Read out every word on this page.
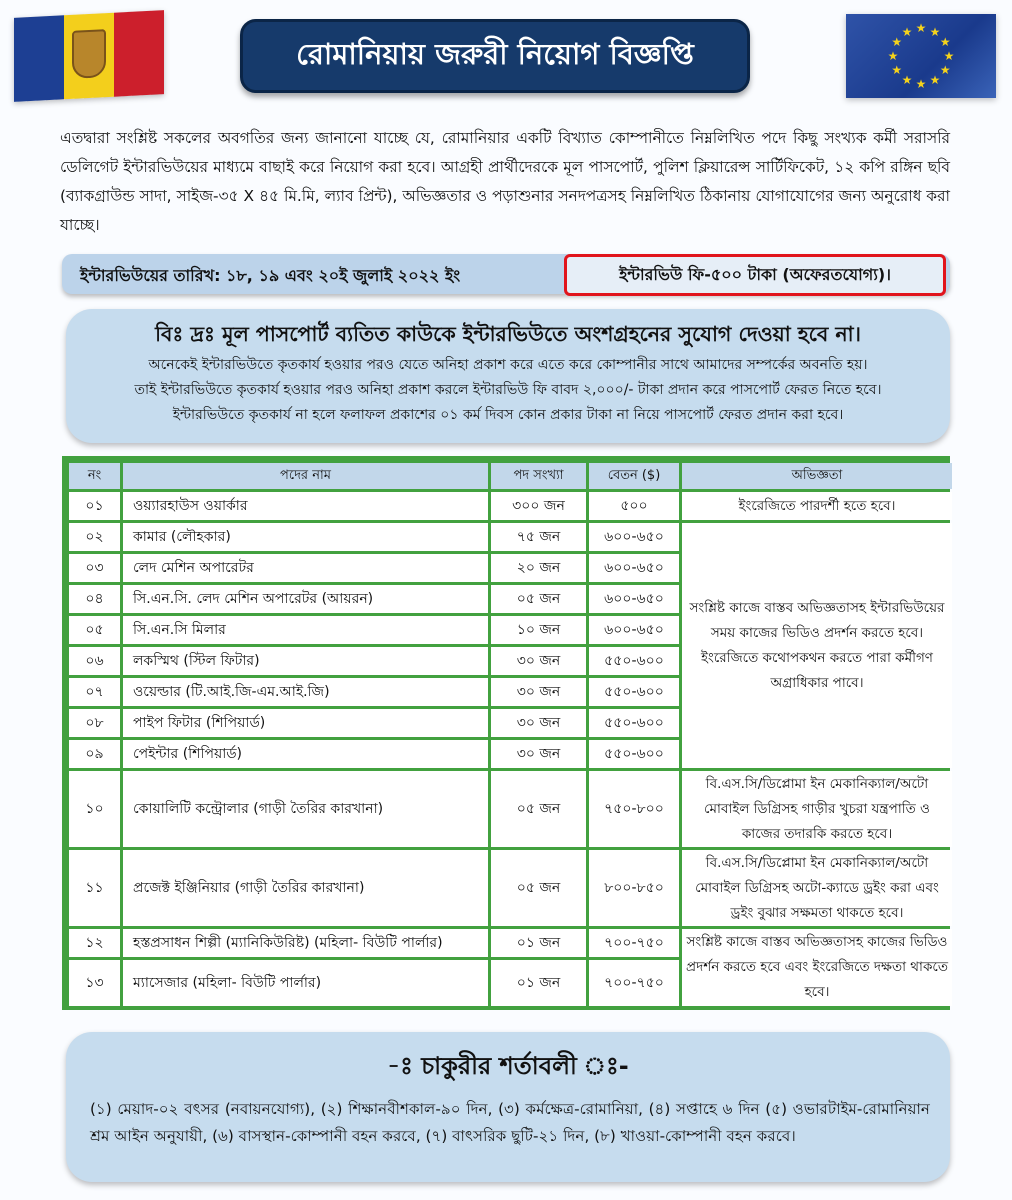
★
★
★
★
★
★
★
★
★ ★ ★
★
রোমানিয়ায় জরুরী নিয়োগ বিজ্ঞপ্তি
এতদ্বারা সংশ্লিষ্ট সকলের অবগতির জন্য জানানো যাচ্ছে যে, রোমানিয়ার একটি বিখ্যাত কোম্পানীতে নিম্নলিখিত পদে কিছু সংখ্যক কর্মী সরাসরি ডেলিগেট ইন্টারভিউয়ের মাধ্যমে বাছাই করে নিয়োগ করা হবে। আগ্রহী প্রার্থীদেরকে মূল পাসপোর্ট, পুলিশ ক্লিয়ারেন্স সার্টিফিকেট, ১২ কপি রঙ্গিন ছবি (ব্যাকগ্রাউন্ড সাদা, সাইজ-৩৫ X ৪৫ মি.মি, ল্যাব প্রিন্ট), অভিজ্ঞতার ও পড়াশুনার সনদপত্রসহ নিম্নলিখিত ঠিকানায় যোগাযোগের জন্য অনুরোধ করা যাচ্ছে।
ইন্টারভিউয়ের তারিখ: ১৮, ১৯ এবং ২০ই জুলাই ২০২২ ইং	ইন্টারভিউ ফি-৫০০ টাকা (অফেরতযোগ্য)।
বিঃ দ্রঃ মূল পাসপোর্ট ব্যতিত কাউকে ইন্টারভিউতে অংশগ্রহনের সুযোগ দেওয়া হবে না।
অনেকেই ইন্টারভিউতে কৃতকার্য হওয়ার পরও যেতে অনিহা প্রকাশ করে এতে করে কোম্পানীর সাথে আমাদের সম্পর্কের অবনতি হয়।
তাই ইন্টারভিউতে কৃতকার্য হওয়ার পরও অনিহা প্রকাশ করলে ইন্টারভিউ ফি বাবদ ২,০০০/- টাকা প্রদান করে পাসপোর্ট ফেরত নিতে হবে।
ইন্টারভিউতে কৃতকার্য না হলে ফলাফল প্রকাশের ০১ কর্ম দিবস কোন প্রকার টাকা না নিয়ে পাসপোর্ট ফেরত প্রদান করা হবে।
নং	পদের নাম	পদ সংখ্যা	বেতন ($)	অভিজ্ঞতা
০১	ওয়্যারহাউস ওয়ার্কার	৩০০ জন	৫০০	ইংরেজিতে পারদর্শী হতে হবে।
০২	কামার (লৌহকার)	৭৫ জন	৬০০-৬৫০	সংশ্লিষ্ট কাজে বাস্তব অভিজ্ঞতাসহ ইন্টারভিউয়ের সময় কাজের ভিডিও প্রদর্শন করতে হবে। ইংরেজিতে কথোপকথন করতে পারা কর্মীগণ অগ্রাধিকার পাবে।
০৩	লেদ মেশিন অপারেটর	২০ জন	৬০০-৬৫০	
০৪	সি.এন.সি. লেদ মেশিন অপারেটর (আয়রন)	০৫ জন	৬০০-৬৫০	
০৫	সি.এন.সি মিলার	১০ জন	৬০০-৬৫০	
০৬	লকস্মিথ (স্টিল ফিটার)	৩০ জন	৫৫০-৬০০	
০৭	ওয়েল্ডার (টি.আই.জি-এম.আই.জি)	৩০ জন	৫৫০-৬০০	
০৮	পাইপ ফিটার (শিপিয়ার্ড)	৩০ জন	৫৫০-৬০০	
০৯	পেইন্টার (শিপিয়ার্ড)	৩০ জন	৫৫০-৬০০	
১০	কোয়ালিটি কন্ট্রোলার (গাড়ী তৈরির কারখানা)	০৫ জন	৭৫০-৮০০	বি.এস.সি/ডিপ্লোমা ইন মেকানিক্যাল/অটো মোবাইল ডিগ্রিসহ গাড়ীর খুচরা যন্ত্রপাতি ও কাজের তদারকি করতে হবে।
১১	প্রজেক্ট ইঞ্জিনিয়ার (গাড়ী তৈরির কারখানা)	০৫ জন	৮০০-৮৫০	বি.এস.সি/ডিপ্লোমা ইন মেকানিক্যাল/অটো মোবাইল ডিগ্রিসহ অটো-ক্যাডে ড্রইং করা এবং ড্রইং বুঝার সক্ষমতা থাকতে হবে।
১২	হস্তপ্রসাধন শিল্পী (ম্যানিকিউরিষ্ট) (মহিলা- বিউটি পার্লার)	০১ জন	৭০০-৭৫০	সংশ্লিষ্ট কাজে বাস্তব অভিজ্ঞতাসহ কাজের ভিডিও প্রদর্শন করতে হবে এবং ইংরেজিতে দক্ষতা থাকতে হবে।
১৩	ম্যাসেজার (মহিলা- বিউটি পার্লার)	০১ জন	৭০০-৭৫০	
-ঃ চাকুরীর শর্তাবলী ঃ-
(১) মেয়াদ-০২ বৎসর (নবায়নযোগ্য), (২) শিক্ষানবীশকাল-৯০ দিন, (৩) কর্মক্ষেত্র-রোমানিয়া, (৪) সপ্তাহে ৬ দিন (৫) ওভারটাইম-রোমানিয়ান শ্রম আইন অনুযায়ী, (৬) বাসস্থান-কোম্পানী বহন করবে, (৭) বাৎসরিক ছুটি-২১ দিন, (৮) খাওয়া-কোম্পানী বহন করবে।
